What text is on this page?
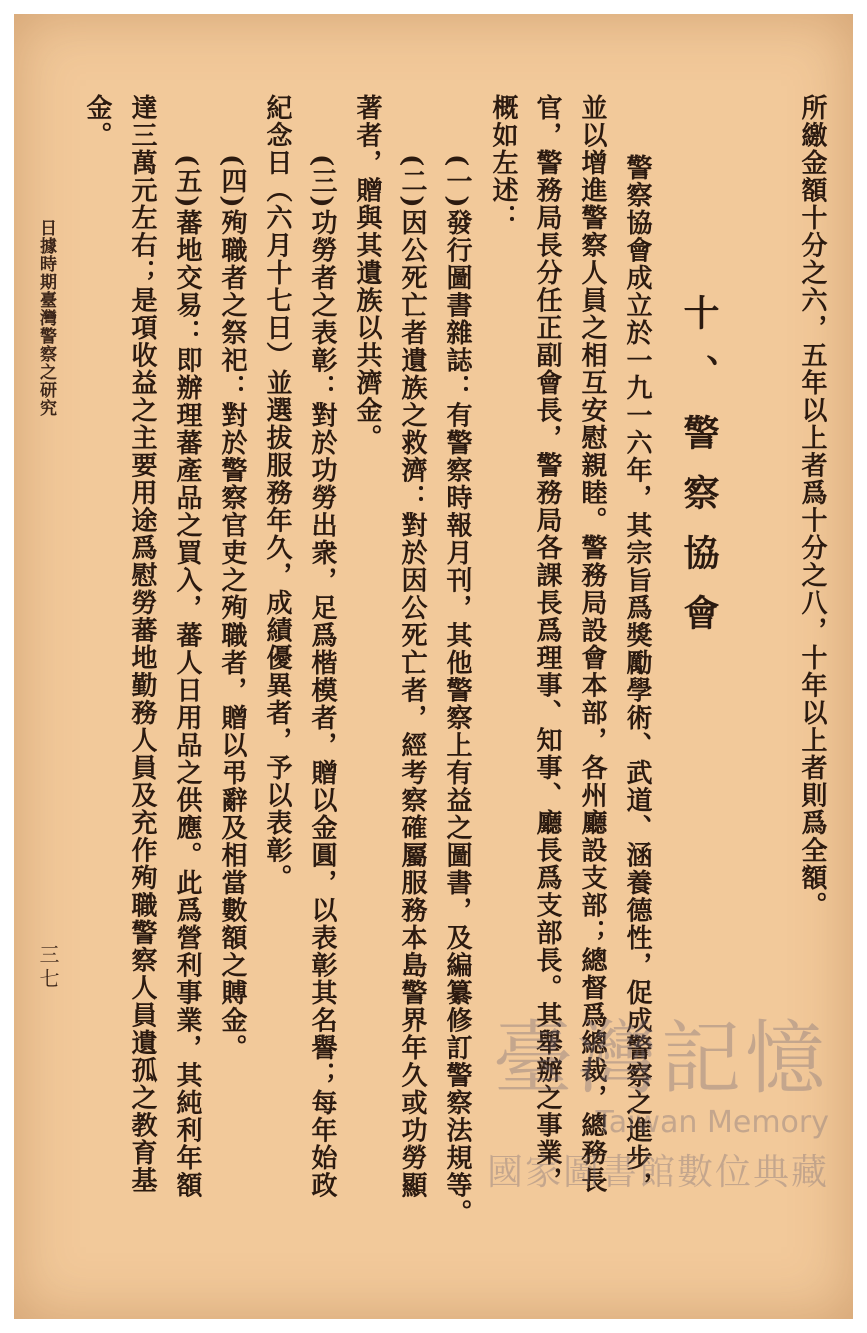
所繳金額十分之六，五年以上者爲十分之八，十年以上者則爲全額。
十、警察協會
警察協會成立於一九一六年，其宗旨爲獎勵學術、武道、涵養德性，促成警察之進步，
並以增進警察人員之相互安慰親睦。警務局設會本部，各州廳設支部；總督爲總裁，總務長
官，警務局長分任正副會長，警務局各課長爲理事、知事、廳長爲支部長。其舉辦之事業，
概如左述：
(一)發行圖書雜誌：有警察時報月刊，其他警察上有益之圖書，及編纂修訂警察法規等。
(二)因公死亡者遺族之救濟：對於因公死亡者，經考察確屬服務本島警界年久或功勞顯
著者，贈與其遺族以共濟金。
(三)功勞者之表彰：對於功勞出衆，足爲楷模者，贈以金圓，以表彰其名譽；每年始政
紀念日（六月十七日）並選拔服務年久，成績優異者，予以表彰。
(四)殉職者之祭祀：對於警察官吏之殉職者，贈以弔辭及相當數額之賻金。
(五)蕃地交易：即辦理蕃產品之買入，蕃人日用品之供應。此爲營利事業，其純利年額
達三萬元左右；是項收益之主要用途爲慰勞蕃地勤務人員及充作殉職警察人員遺孤之教育基
金。
日據時期臺灣警察之研究
三七
臺灣記憶
Taiwan Memory
國家圖書館數位典藏
